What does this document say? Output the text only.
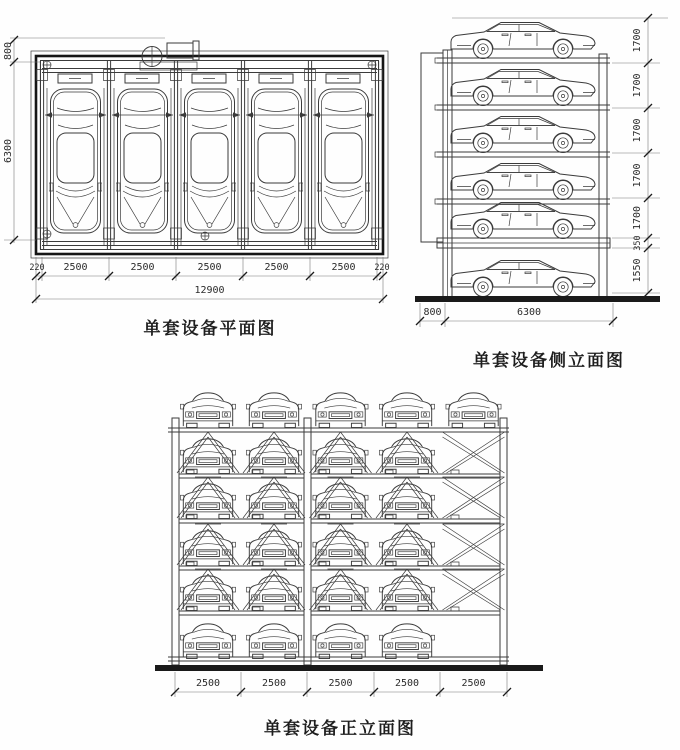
800
6300
220 2500	2500	2500	2500	2500 220
12900
单套设备平面图
1700
1700
1700
1700
1700
350
1550
800	6300
单套设备侧立面图
2500	2500	2500	2500	2500
单套设备正立面图
